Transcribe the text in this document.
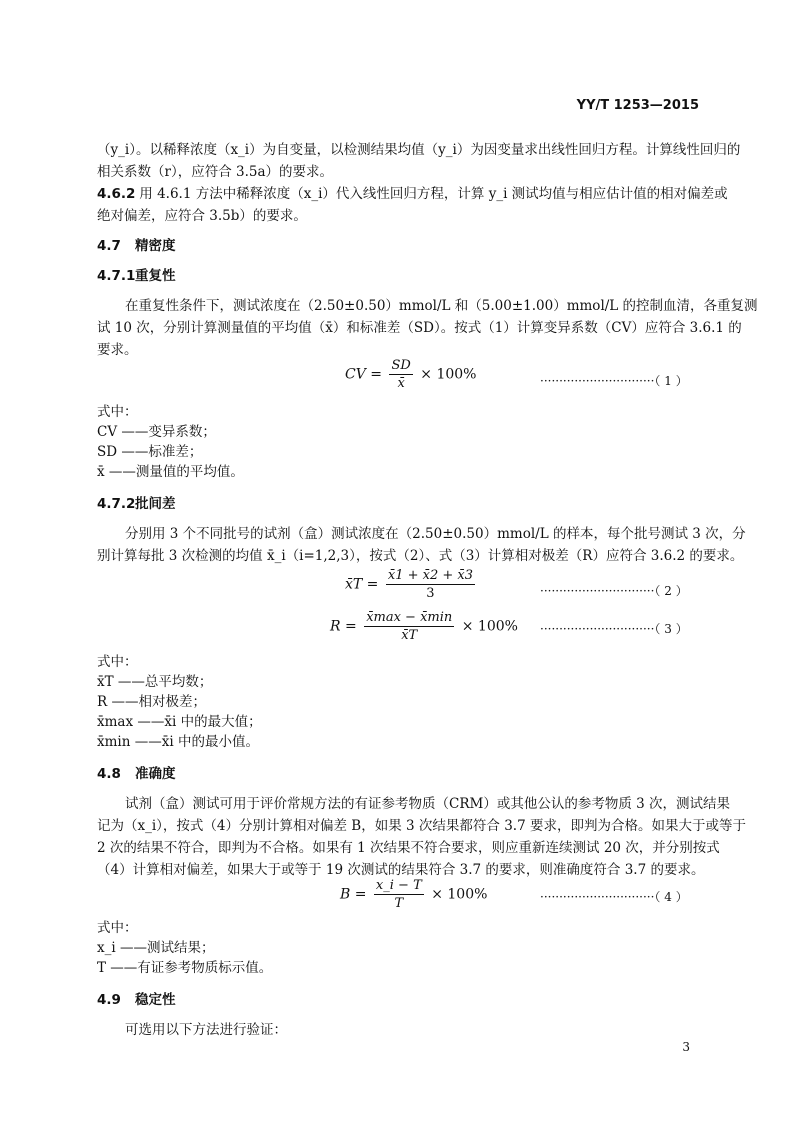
YY/T 1253—2015
（y_i）。以稀释浓度（x_i）为自变量，以检测结果均值（y_i）为因变量求出线性回归方程。计算线性回归的
相关系数（r），应符合 3.5a）的要求。
4.6.2 用 4.6.1 方法中稀释浓度（x_i）代入线性回归方程，计算 y_i 测试均值与相应估计值的相对偏差或
绝对偏差，应符合 3.5b）的要求。
4.7 精密度
4.7.1重复性
在重复性条件下，测试浓度在（2.50±0.50）mmol/L 和（5.00±1.00）mmol/L 的控制血清，各重复测
试 10 次，分别计算测量值的平均值（x̄）和标准差（SD）。按式（1）计算变异系数（CV）应符合 3.6.1 的
要求。
CV = $\frac{SD}{x̄} \times 100\%$	······························（ 1 ）
式中：
CV ——变异系数；
SD ——标准差；
x̄ ——测量值的平均值。
4.7.2批间差
分别用 3 个不同批号的试剂（盒）测试浓度在（2.50±0.50）mmol/L 的样本，每个批号测试 3 次，分
别计算每批 3 次检测的均值 x̄_i（i=1,2,3），按式（2）、式（3）计算相对极差（R）应符合 3.6.2 的要求。
x̄T = $\frac{x̄1 + x̄2 + x̄3}{3}$	······························（ 2 ）
$R = \frac{x̄\max - x̄\min}{x̄T} \times 100\%$ ······························（ 3 ）
式中：
x̄T ——总平均数；
R ——相对极差；
x̄max ——x̄i 中的最大值；
x̄min ——x̄i 中的最小值。
4.8 准确度
试剂（盒）测试可用于评价常规方法的有证参考物质（CRM）或其他公认的参考物质 3 次，测试结果
记为（x_i），按式（4）分别计算相对偏差 B，如果 3 次结果都符合 3.7 要求，即判为合格。如果大于或等于
2 次的结果不符合，即判为不合格。如果有 1 次结果不符合要求，则应重新连续测试 20 次，并分别按式
（4）计算相对偏差，如果大于或等于 19 次测试的结果符合 3.7 的要求，则准确度符合 3.7 的要求。
$B = \frac{x\_i - T}{T} \times 100\%$	······························（ 4 ）
式中：
x_i ——测试结果；
T ——有证参考物质标示值。
4.9 稳定性
可选用以下方法进行验证：
3
